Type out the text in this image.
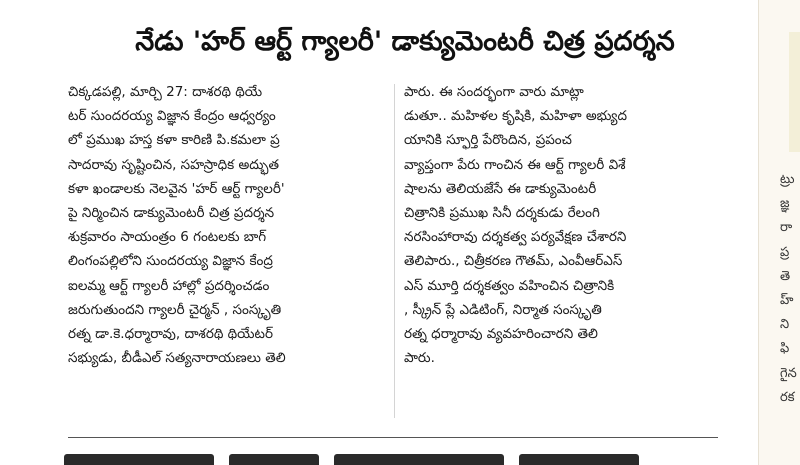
నేడు 'హర్ ఆర్ట్ గ్యాలరీ' డాక్యుమెంటరీ చిత్ర ప్రదర్శన
చిక్కడపల్లి, మార్చి 27: దాశరథి థియే
టర్ సుందరయ్య విజ్ఞాన కేంద్రం ఆధ్వర్యం
లో ప్రముఖ హస్త కళా కారిణి పి.కమలా ప్ర
సాదరావు సృష్టించిన, సహస్రాధిక అద్భుత
కళా ఖండాలకు నెలవైన 'హర్ ఆర్ట్ గ్యాలరీ'
పై నిర్మించిన డాక్యుమెంటరీ చిత్ర ప్రదర్శన
శుక్రవారం సాయంత్రం 6 గంటలకు బాగ్
లింగంపల్లిలోని సుందరయ్య విజ్ఞాన కేంద్ర
ఐలమ్మ ఆర్ట్ గ్యాలరీ హాల్లో ప్రదర్శించడం
జరుగుతుందని గ్యాలరీ చైర్మన్ , సంస్కృతి
రత్న డా.కె.ధర్మారావు, దాశరథి థియేటర్
సభ్యుడు, బీడీఎల్ సత్యనారాయణలు తెలి
పారు. ఈ సందర్భంగా వారు మాట్లా
డుతూ.. మహిళల కృషికి, మహిళా అభ్యుద
యానికి స్ఫూర్తి పేరొందిన, ప్రపంచ
వ్యాప్తంగా పేరు గాంచిన ఈ ఆర్ట్ గ్యాలరీ విశే
షాలను తెలియజేసే ఈ డాక్యుమెంటరీ
చిత్రానికి ప్రముఖ సినీ దర్శకుడు రేలంగి
నరసింహారావు దర్శకత్వ పర్యవేక్షణ చేశారని
తెలిపారు., చిత్రీకరణ గౌతమ్, ఎంవీఆర్ఎస్
ఎస్ మూర్తి దర్శకత్వం వహించిన చిత్రానికి
, స్క్రీన్ ప్లే ఎడిటింగ్, నిర్మాత సంస్కృతి
రత్న ధర్మారావు వ్యవహరించారని తెలి
పారు.

ట్రు
జ్ఞ
రా
ప్ర
తె
హ్
ని
ఫి
గైన
రక
